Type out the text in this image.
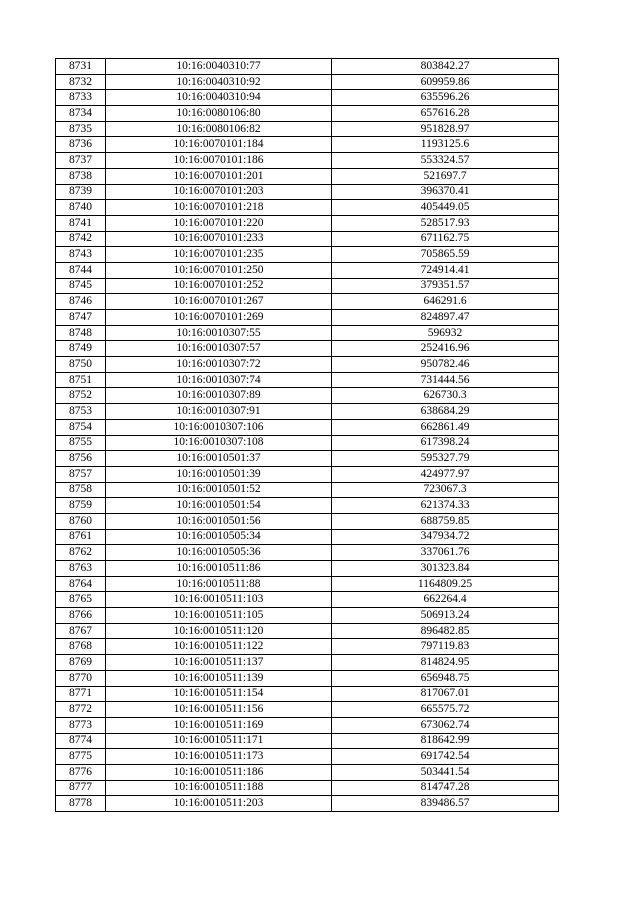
8731	10:16:0040310:77	803842.27
8732	10:16:0040310:92	609959.86
8733	10:16:0040310:94	635596.26
8734	10:16:0080106:80	657616.28
8735	10:16:0080106:82	951828.97
8736	10:16:0070101:184	1193125.6
8737	10:16:0070101:186	553324.57
8738	10:16:0070101:201	521697.7
8739	10:16:0070101:203	396370.41
8740	10:16:0070101:218	405449.05
8741	10:16:0070101:220	528517.93
8742	10:16:0070101:233	671162.75
8743	10:16:0070101:235	705865.59
8744	10:16:0070101:250	724914.41
8745	10:16:0070101:252	379351.57
8746	10:16:0070101:267	646291.6
8747	10:16:0070101:269	824897.47
8748	10:16:0010307:55	596932
8749	10:16:0010307:57	252416.96
8750	10:16:0010307:72	950782.46
8751	10:16:0010307:74	731444.56
8752	10:16:0010307:89	626730.3
8753	10:16:0010307:91	638684.29
8754	10:16:0010307:106	662861.49
8755	10:16:0010307:108	617398.24
8756	10:16:0010501:37	595327.79
8757	10:16:0010501:39	424977.97
8758	10:16:0010501:52	723067.3
8759	10:16:0010501:54	621374.33
8760	10:16:0010501:56	688759.85
8761	10:16:0010505:34	347934.72
8762	10:16:0010505:36	337061.76
8763	10:16:0010511:86	301323.84
8764	10:16:0010511:88	1164809.25
8765	10:16:0010511:103	662264.4
8766	10:16:0010511:105	506913.24
8767	10:16:0010511:120	896482.85
8768	10:16:0010511:122	797119.83
8769	10:16:0010511:137	814824.95
8770	10:16:0010511:139	656948.75
8771	10:16:0010511:154	817067.01
8772	10:16:0010511:156	665575.72
8773	10:16:0010511:169	673062.74
8774	10:16:0010511:171	818642.99
8775	10:16:0010511:173	691742.54
8776	10:16:0010511:186	503441.54
8777	10:16:0010511:188	814747.28
8778	10:16:0010511:203	839486.57
